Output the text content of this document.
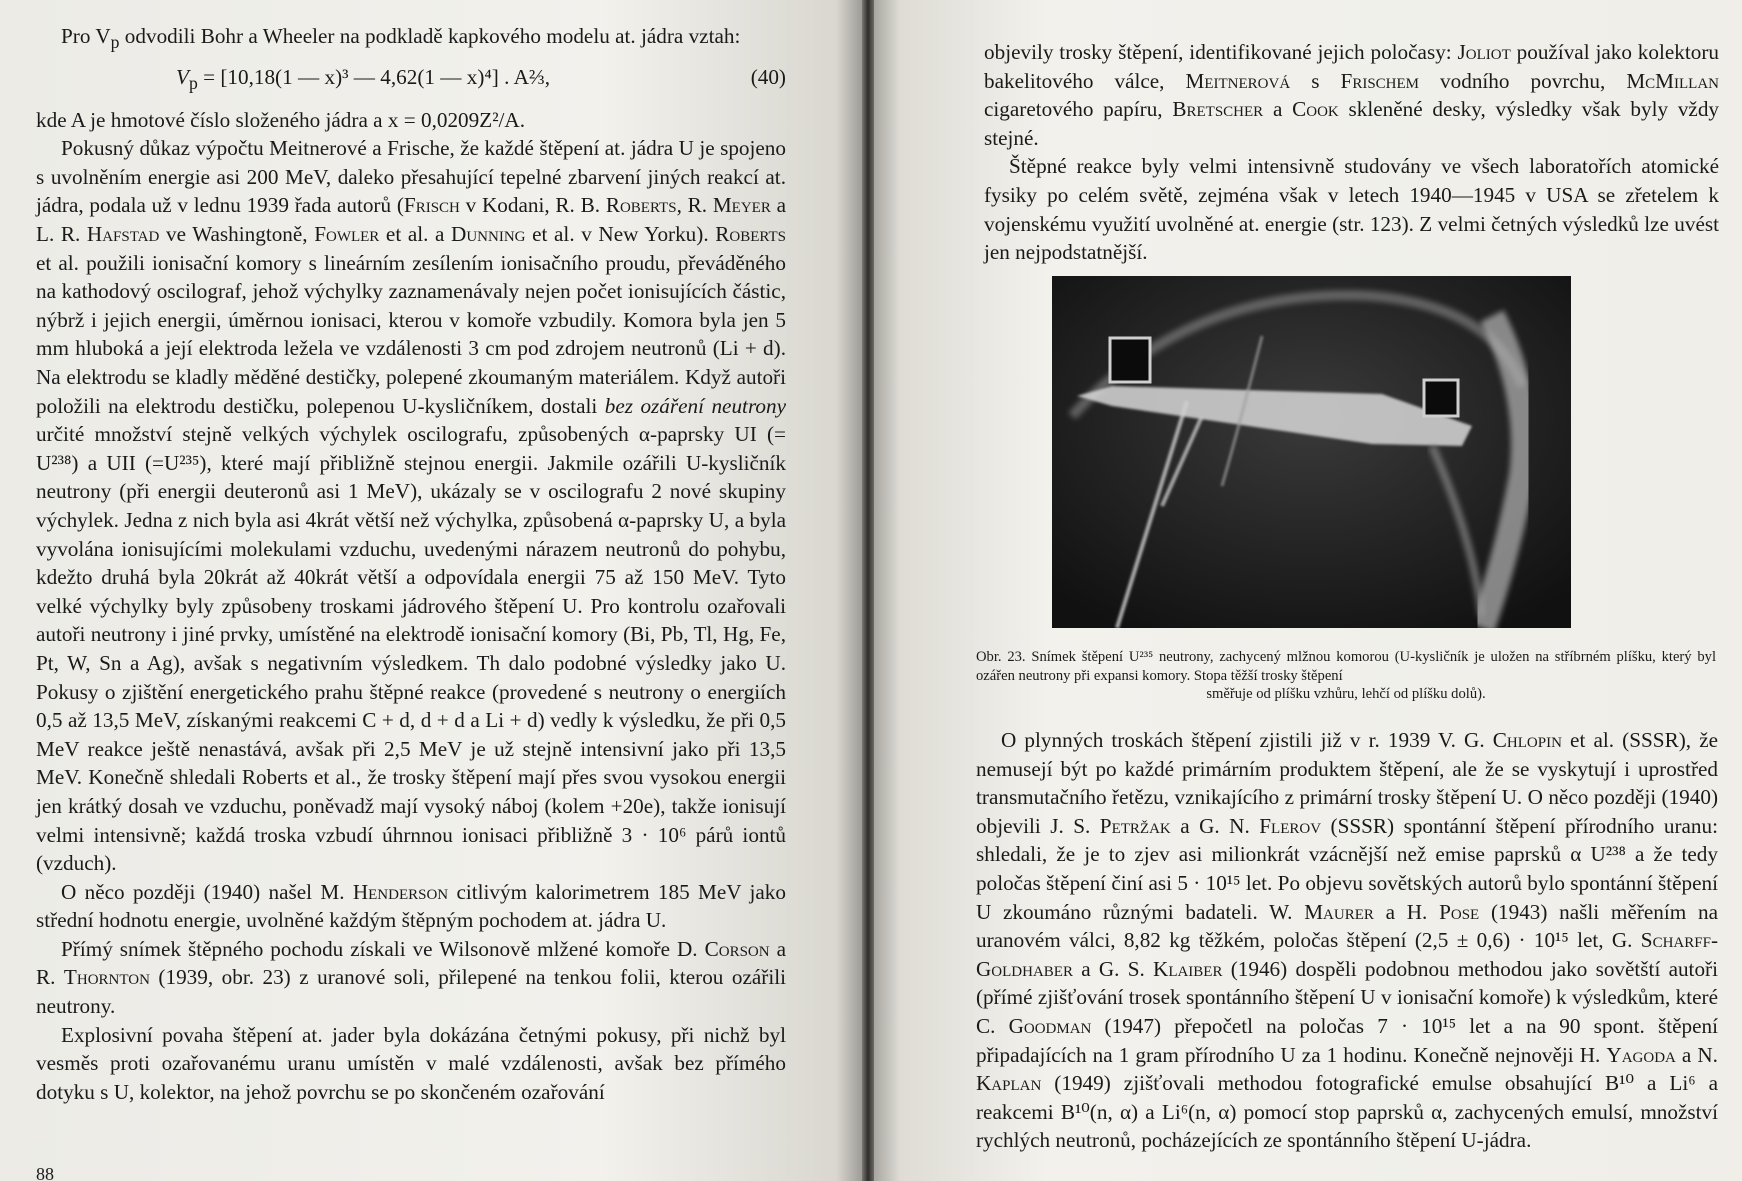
Pro $V_p$ odvodili Bohr a Wheeler na podkladě kapkového modelu at. jádra vztah:

$V_p = [10,18(1$ — x)³ — 4,62(1 — x)⁴] . A⅔,	(40)

kde A je hmotové číslo složeného jádra a x = 0,0209Z²/A.

Pokusný důkaz výpočtu Meitnerové a Frische, že každé štěpení at. jádra U je spojeno s uvolněním energie asi 200 MeV, daleko přesahující tepelné zbarvení jiných reakcí at. jádra, podala už v lednu 1939 řada autorů (Frisch v Kodani, R. B. Roberts, R. Meyer a L. R. Hafstad ve Washingtoně, Fowler et al. a Dunning et al. v New Yorku). Roberts et al. použili ionisační komory s lineárním zesílením ionisačního proudu, převáděného na kathodový oscilograf, jehož výchylky zaznamenávaly nejen počet ionisujících částic, nýbrž i jejich energii, úměrnou ionisaci, kterou v komoře vzbudily. Komora byla jen 5 mm hluboká a její elektroda ležela ve vzdálenosti 3 cm pod zdrojem neutronů (Li + d). Na elektrodu se kladly měděné destičky, polepené zkoumaným materiálem. Když autoři položili na elektrodu destičku, polepenou U-kysličníkem, dostali bez ozáření neutrony určité množství stejně velkých výchylek oscilografu, způsobených α-paprsky UI (= U²³⁸) a UII (=U²³⁵), které mají přibližně stejnou energii. Jakmile ozářili U-kysličník neutrony (při energii deuteronů asi 1 MeV), ukázaly se v oscilografu 2 nové skupiny výchylek. Jedna z nich byla asi 4krát větší než výchylka, způsobená α-paprsky U, a byla vyvolána ionisujícími molekulami vzduchu, uvedenými nárazem neutronů do pohybu, kdežto druhá byla 20krát až 40krát větší a odpovídala energii 75 až 150 MeV. Tyto velké výchylky byly způsobeny troskami jádrového štěpení U. Pro kontrolu ozařovali autoři neutrony i jiné prvky, umístěné na elektrodě ionisační komory (Bi, Pb, Tl, Hg, Fe, Pt, W, Sn a Ag), avšak s negativním výsledkem. Th dalo podobné výsledky jako U. Pokusy o zjištění energetického prahu štěpné reakce (provedené s neutrony o energiích 0,5 až 13,5 MeV, získanými reakcemi C + d, d + d a Li + d) vedly k výsledku, že při 0,5 MeV reakce ještě nenastává, avšak při 2,5 MeV je už stejně intensivní jako při 13,5 MeV. Konečně shledali Roberts et al., že trosky štěpení mají přes svou vysokou energii jen krátký dosah ve vzduchu, poněvadž mají vysoký náboj (kolem +20e), takže ionisují velmi intensivně; každá troska vzbudí úhrnnou ionisaci přibližně 3 · 10⁶ párů iontů (vzduch).

O něco později (1940) našel M. Henderson citlivým kalorimetrem 185 MeV jako střední hodnotu energie, uvolněné každým štěpným pochodem at. jádra U.

Přímý snímek štěpného pochodu získali ve Wilsonově mlžené komoře D. Corson a R. Thornton (1939, obr. 23) z uranové soli, přilepené na tenkou folii, kterou ozářili neutrony.

Explosivní povaha štěpení at. jader byla dokázána četnými pokusy, při nichž byl vesměs proti ozařovanému uranu umístěn v malé vzdálenosti, avšak bez přímého dotyku s U, kolektor, na jehož povrchu se po skončeném ozařování

88

objevily trosky štěpení, identifikované jejich poločasy: Joliot používal jako kolektoru bakelitového válce, Meitnerová s Frischem vodního povrchu, McMillan cigaretového papíru, Bretscher a Cook skleněné desky, výsledky však byly vždy stejné.

Štěpné reakce byly velmi intensivně studovány ve všech laboratořích atomické fysiky po celém světě, zejména však v letech 1940—1945 v USA se zřetelem k vojenskému využití uvolněné at. energie (str. 123). Z velmi četných výsledků lze uvést jen nejpodstatnější.

Obr. 23. Snímek štěpení U²³⁵ neutrony, zachycený mlžnou komorou (U-kysličník je uložen na stříbrném plíšku, který byl ozářen neutrony při expansi komory. Stopa těžší trosky štěpení

směřuje od plíšku vzhůru, lehčí od plíšku dolů).

O plynných troskách štěpení zjistili již v r. 1939 V. G. Chlopin et al. (SSSR), že nemusejí být po každé primárním produktem štěpení, ale že se vyskytují i uprostřed transmutačního řetězu, vznikajícího z primární trosky štěpení U. O něco později (1940) objevili J. S. Petržak a G. N. Flerov (SSSR) spontánní štěpení přírodního uranu: shledali, že je to zjev asi milionkrát vzácnější než emise paprsků α U²³⁸ a že tedy poločas štěpení činí asi 5 · 10¹⁵ let. Po objevu sovětských autorů bylo spontánní štěpení U zkoumáno různými badateli. W. Maurer a H. Pose (1943) našli měřením na uranovém válci, 8,82 kg těžkém, poločas štěpení (2,5 ± 0,6) · 10¹⁵ let, G. Scharff-Goldhaber a G. S. Klaiber (1946) dospěli podobnou methodou jako sovětští autoři (přímé zjišťování trosek spontánního štěpení U v ionisační komoře) k výsledkům, které C. Goodman (1947) přepočetl na poločas 7 · 10¹⁵ let a na 90 spont. štěpení připadajících na 1 gram přírodního U za 1 hodinu. Konečně nejnověji H. Yagoda a N. Kaplan (1949) zjišťovali methodou fotografické emulse obsahující B¹⁰ a Li⁶ a reakcemi B¹⁰(n, α) a Li⁶(n, α) pomocí stop paprsků α, zachycených emulsí, množství rychlých neutronů, pocházejících ze spontánního štěpení U-jádra.
